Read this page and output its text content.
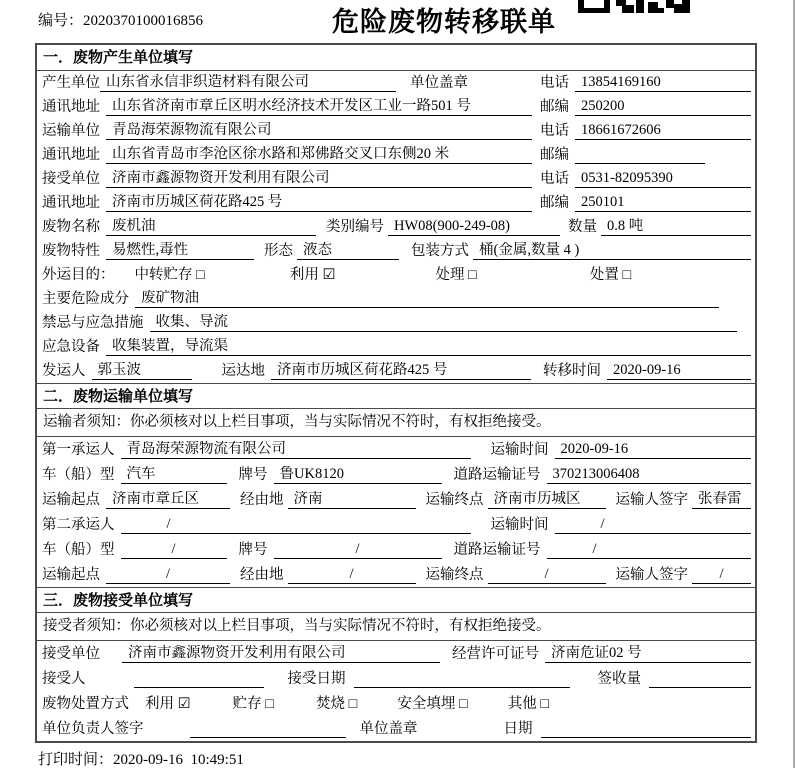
编号：2020370100016856	危险废物转移联单
一．废物产生单位填写
产生单位 山东省永信非织造材料有限公司	单位盖章	电话 13854169160
通讯地址 山东省济南市章丘区明水经济技术开发区工业一路501 号	邮编 250200
运输单位 青岛海荣源物流有限公司	电话 18661672606
通讯地址 山东省青岛市李沧区徐水路和郑佛路交叉口东侧20 米	邮编
接受单位 济南市鑫源物资开发利用有限公司	电话 0531-82095390
通讯地址 济南市历城区荷花路425 号	邮编 250101
废物名称 废机油	类别编号 HW08(900-249-08)	数量 0.8 吨
废物特性 易燃性,毒性	形态 液态	包装方式 桶(金属,数量 4 )
外运目的： 中转贮存 □	利用 ☑	处理 □	处置 □
主要危险成分 废矿物油
禁忌与应急措施 收集、导流
应急设备 收集装置，导流渠
发运人 郭玉波	运达地 济南市历城区荷花路425 号	转移时间 2020-09-16
二．废物运输单位填写
运输者须知：你必须核对以上栏目事项，当与实际情况不符时，有权拒绝接受。
第一承运人 青岛海荣源物流有限公司	运输时间 2020-09-16
车（船）型 汽车	牌号 鲁UK8120	道路运输证号 370213006408
运输起点 济南市章丘区	经由地 济南	运输终点 济南市历城区	运输人签字 张春雷
第二承运人	/	运输时间	/
车（船）型	/	牌号	/	道路运输证号	/
运输起点	/	经由地	/	运输终点	/	运输人签字	/
三．废物接受单位填写
接受者须知：你必须核对以上栏目事项，当与实际情况不符时，有权拒绝接受。
接受单位	济南市鑫源物资开发利用有限公司	经营许可证号 济南危证02 号
接受人	接受日期	签收量
废物处置方式 利用 ☑	贮存 □	焚烧 □	安全填埋 □	其他 □
单位负责人签字	单位盖章	日期
打印时间：2020-09-16  10:49:51
